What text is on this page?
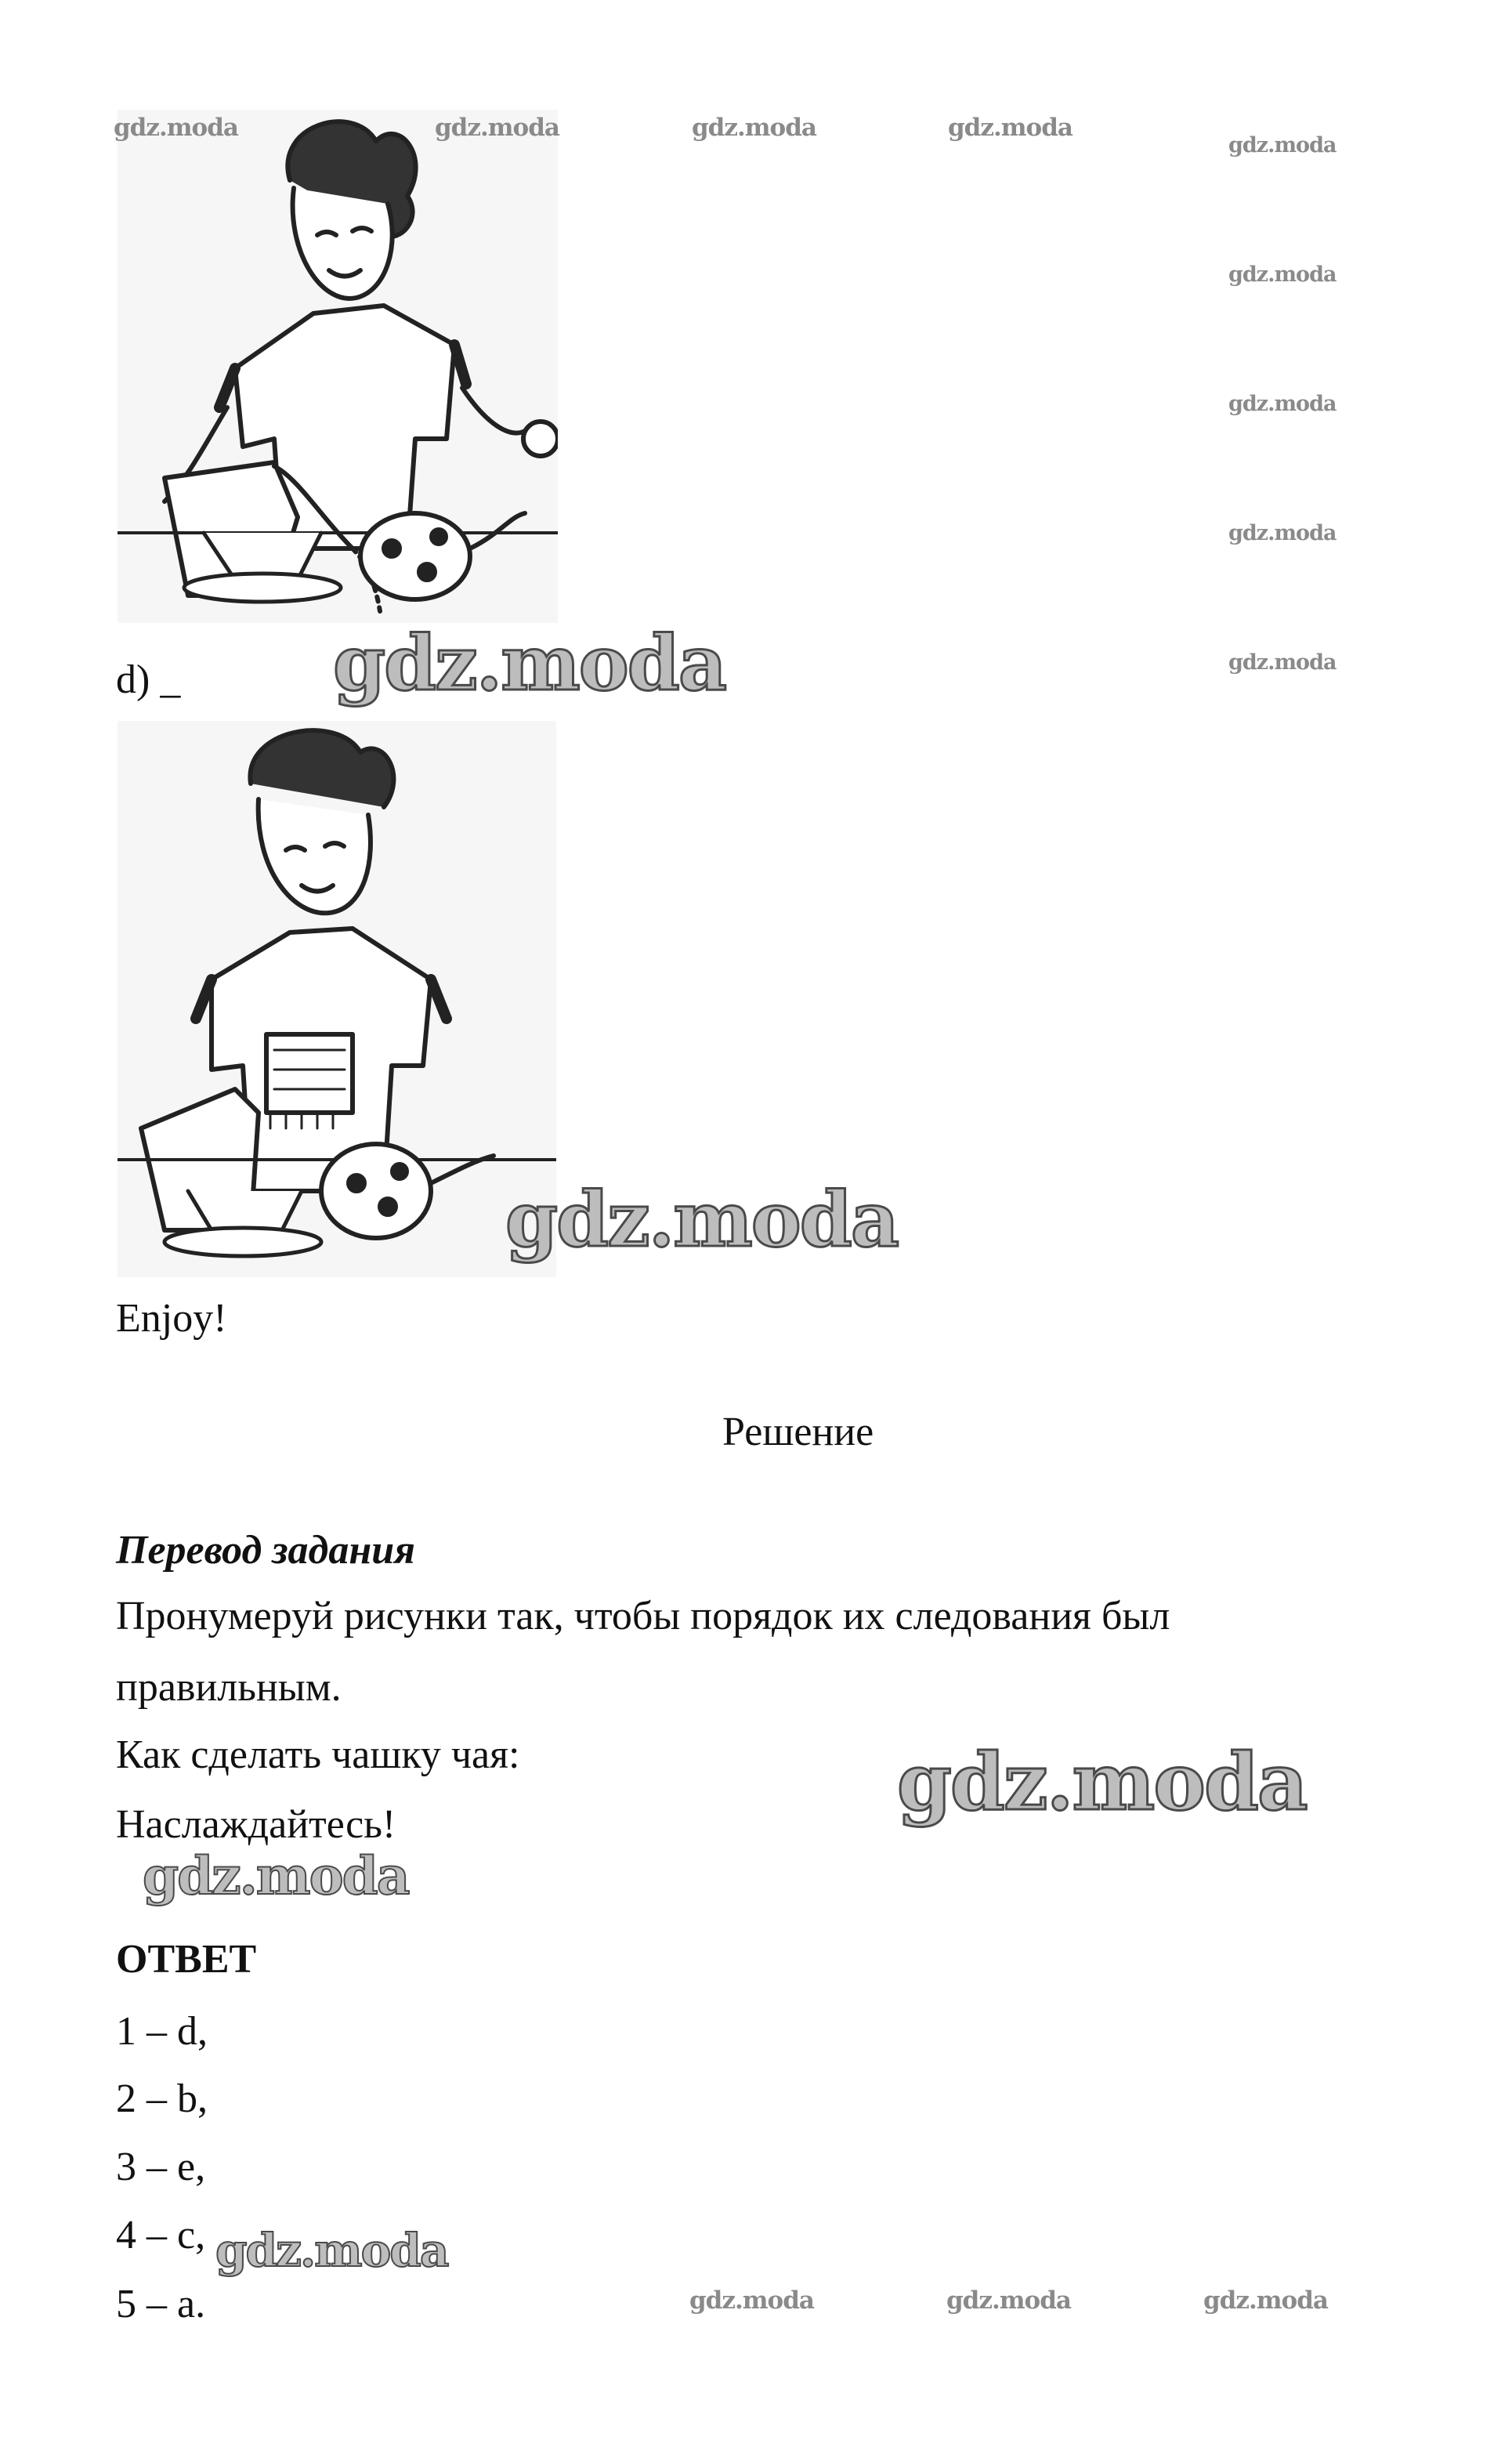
gdz.moda	gdz.moda	gdz.moda	gdz.moda
gdz.moda
gdz.moda
gdz.moda
gdz.moda
gdz.moda
d) _ gdz.moda
gdz.moda
Enjoy!
Решение
Перевод задания
Пронумеруй рисунки так, чтобы порядок их следования был
правильным.
Как сделать чашку чая:	gdz.moda
Наслаждайтесь!
gdz.moda
ОТВЕТ
1 – d,
2 – b,
3 – e,
4 – c, gdz.moda
5 – a.	gdz.moda	gdz.moda	gdz.moda
